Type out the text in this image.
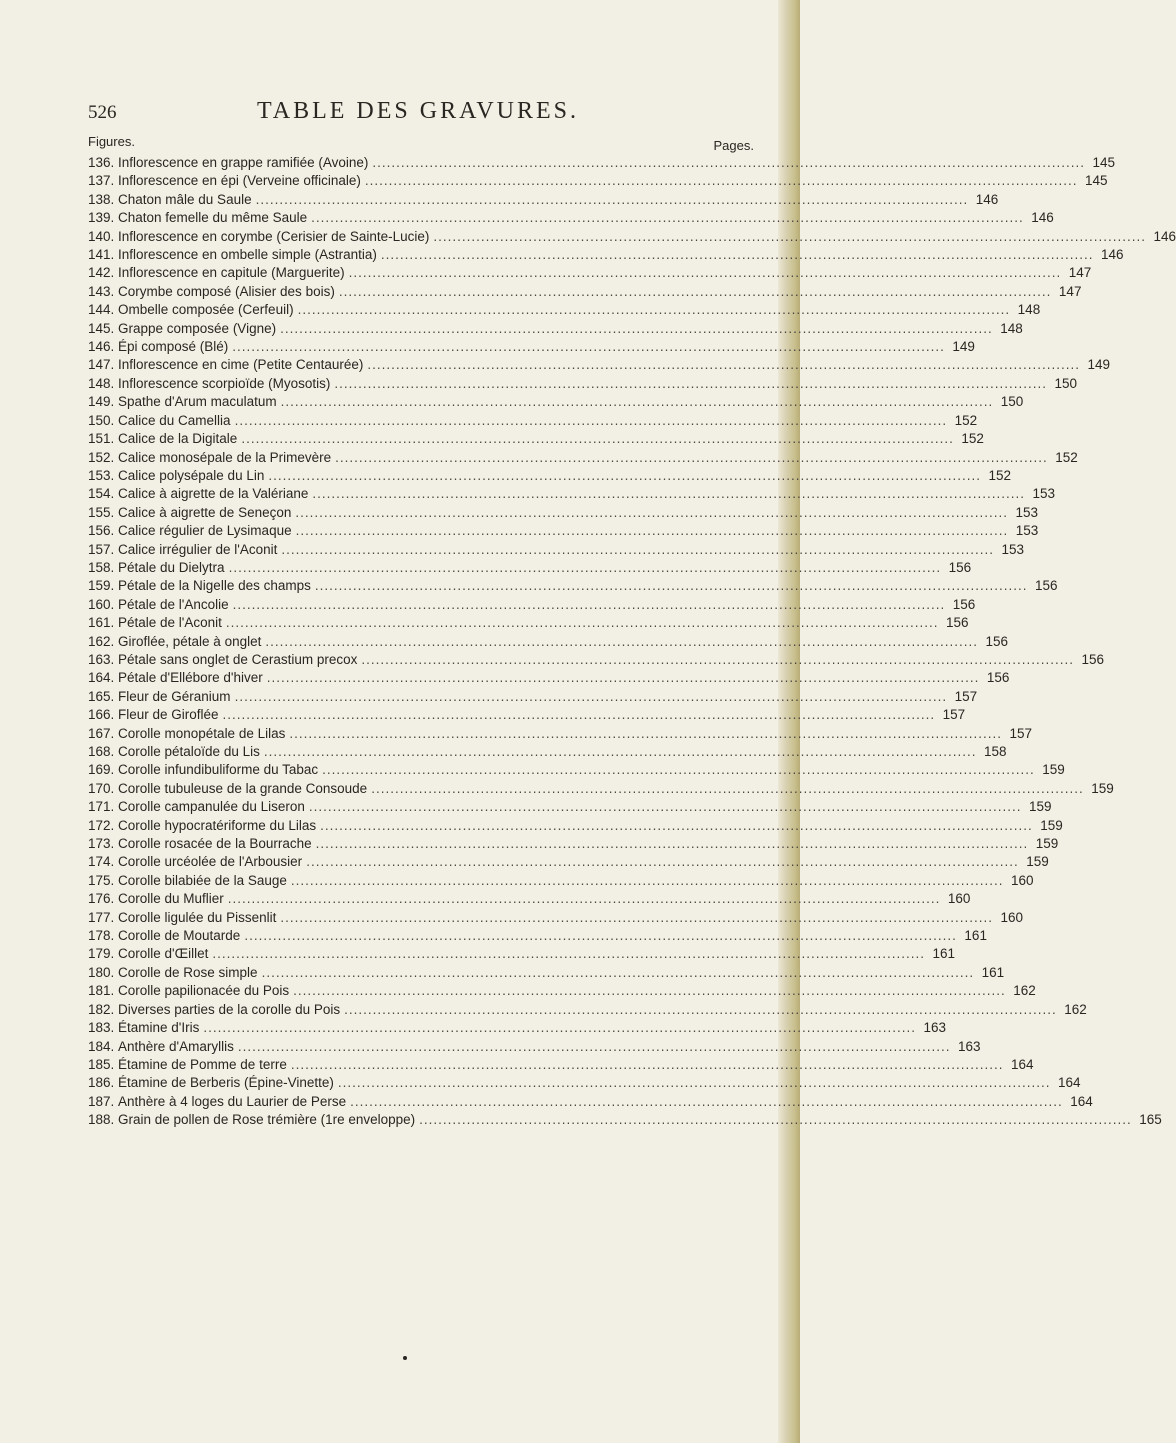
526	TABLE DES GRAVURES.
Figures.	Pages.
136. Inflorescence en grappe ramifiée (Avoine) .....	145
137. Inflorescence en épi (Verveine officinale) .....	145
138. Chaton mâle du Saule .....	146
139. Chaton femelle du même Saule .....	146
140. Inflorescence en corymbe (Cerisier de Sainte-Lucie) .....	146
141. Inflorescence en ombelle simple (Astrantia) .....	146
142. Inflorescence en capitule (Marguerite) .....	147
143. Corymbe composé (Alisier des bois) .....	147
144. Ombelle composée (Cerfeuil) .....	148
145. Grappe composée (Vigne) .....	148
146. Épi composé (Blé) .....	149
147. Inflorescence en cime (Petite Centaurée) .....	149
148. Inflorescence scorpioïde (Myosotis) .....	150
149. Spathe d'Arum maculatum .....	150
150. Calice du Camellia .....	152
151. Calice de la Digitale .....	152
152. Calice monosépale de la Primevère .....	152
153. Calice polysépale du Lin .....	152
154. Calice à aigrette de la Valériane .....	153
155. Calice à aigrette de Seneçon .....	153
156. Calice régulier de Lysimaque .....	153
157. Calice irrégulier de l'Aconit .....	153
158. Pétale du Dielytra .....	156
159. Pétale de la Nigelle des champs .....	156
160. Pétale de l'Ancolie .....	156
161. Pétale de l'Aconit .....	156
162. Giroflée, pétale à onglet .....	156
163. Pétale sans onglet de Cerastium precox .....	156
164. Pétale d'Ellébore d'hiver .....	156
165. Fleur de Géranium .....	157
166. Fleur de Giroflée .....	157
167. Corolle monopétale de Lilas .....	157
168. Corolle pétaloïde du Lis .....	158
169. Corolle infundibuliforme du Tabac .....	159
170. Corolle tubuleuse de la grande Consoude .....	159
171. Corolle campanulée du Liseron .....	159
172. Corolle hypocratériforme du Lilas .....	159
173. Corolle rosacée de la Bourrache .....	159
174. Corolle urcéolée de l'Arbousier .....	159
175. Corolle bilabiée de la Sauge .....	160
176. Corolle du Muflier .....	160
177. Corolle ligulée du Pissenlit .....	160
178. Corolle de Moutarde .....	161
179. Corolle d'Œillet .....	161
180. Corolle de Rose simple .....	161
181. Corolle papilionacée du Pois .....	162
182. Diverses parties de la corolle du Pois .....	162
183. Étamine d'Iris .....	163
184. Anthère d'Amaryllis .....	163
185. Étamine de Pomme de terre .....	164
186. Étamine de Berberis (Épine-Vinette) .....	164
187. Anthère à 4 loges du Laurier de Perse .....	164
188. Grain de pollen de Rose trémière (1re enveloppe) .....	165
